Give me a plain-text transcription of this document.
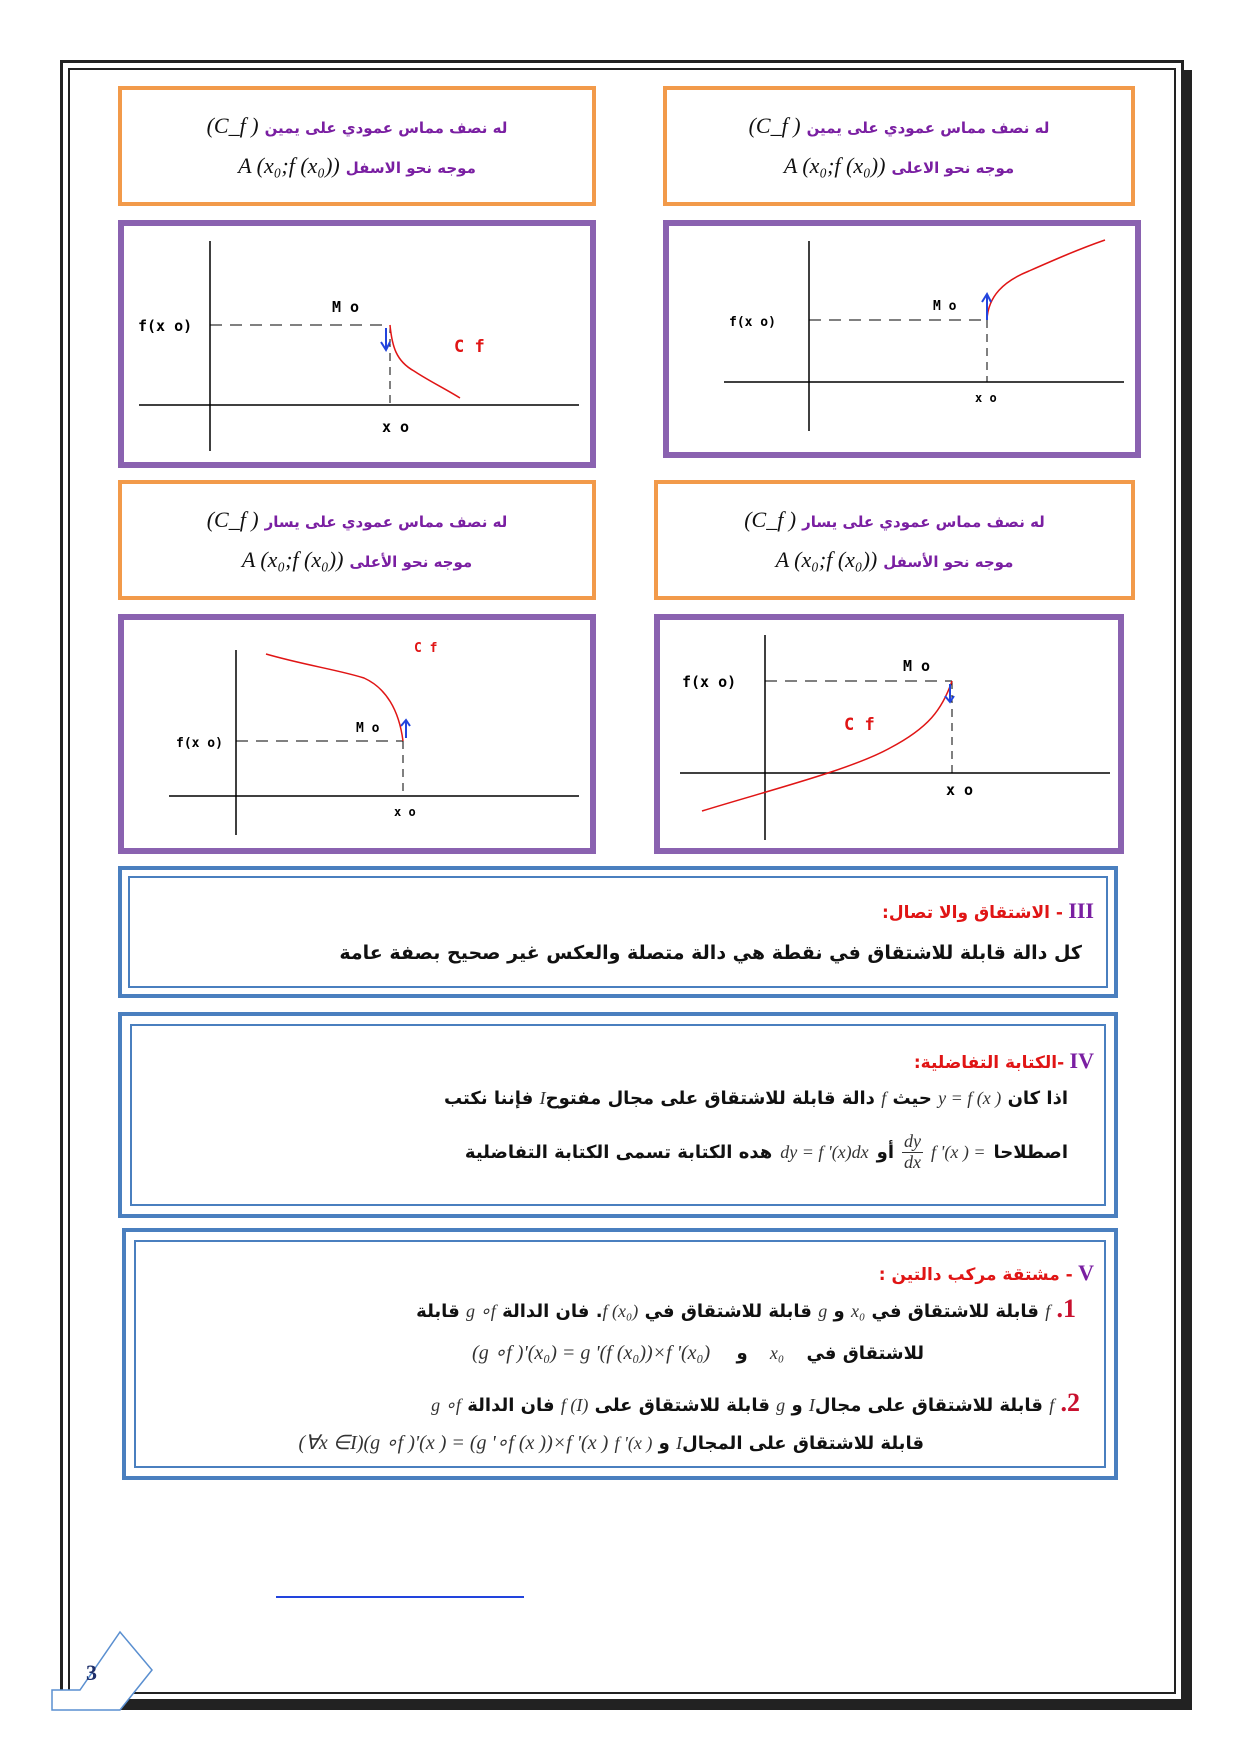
له نصف مماس عمودي على يمين
(C_f )
موجه نحو الاعلى
A (x₀;f (x₀))
له نصف مماس عمودي على يمين
(C_f )
موجه نحو الاسفل
A (x₀;f (x₀))
له نصف مماس عمودي على يسار
(C_f )
موجه نحو الأسفل
A (x₀;f (x₀))
له نصف مماس عمودي على يسار
(C_f )
موجه نحو الأعلى
A (x₀;f (x₀))
f(x o)
M o
x o
f(x o)
M o
C f
x o
f(x o)
M o
C f
x o
f(x o)
M o
C f
x o
III - الاشتقاق والا تصال:
كل دالة قابلة للاشتقاق في نقطة هي دالة متصلة والعكس غير صحيح بصفة عامة
IV -الكتابة التفاضلية:
اذا كان y = f (x ) حيث f دالة قابلة للاشتقاق على مجال مفتوحI فإننا نكتب
اصطلاحا
f '(x ) =
$\frac{dy}{dx}$
أو
dy = f '(x)dx
هده الكتابة تسمى الكتابة التفاضلية
V - مشتقة مركب دالتين :
1. f قابلة للاشتقاق في x₀ و g قابلة للاشتقاق في f (x₀). فان الدالة g ∘f قابلة
للاشتقاق في x₀ و (g ∘f )'(x₀) = g '(f (x₀))×f '(x₀)
2. f قابلة للاشتقاق على مجالI و g قابلة للاشتقاق على f (I) فان الدالة g ∘f
قابلة للاشتقاق على المجالI و f '(x ) (∀x ∈I)(g ∘f )'(x ) = (g '∘f (x ))×f '(x )
3
